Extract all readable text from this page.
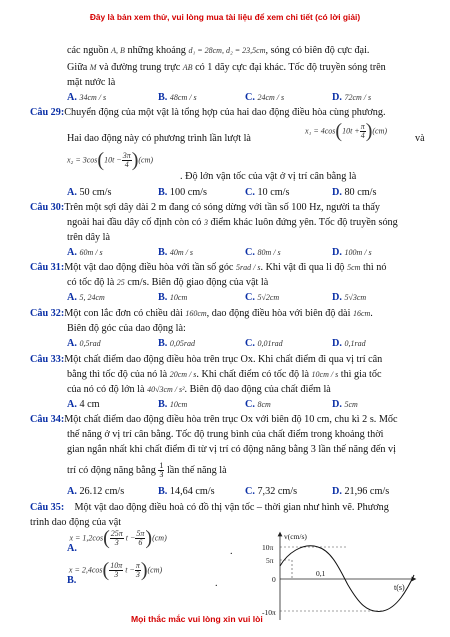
Đây là bản xem thử, vui lòng mua tài liệu để xem chi tiết (có lời giải)
các nguồn A, B những khoảng d₁ = 28cm, d₂ = 23,5cm, sóng có biên độ cực đại.
Giữa M và đường trung trực AB có 1 dãy cực đại khác. Tốc độ truyền sóng trên
mặt nước là
A. 34cm / s	B. 48cm / s	C. 24cm / s	D. 72cm / s
Câu 29:Chuyển động của một vật là tổng hợp của hai dao động điều hòa cùng phương.
Hai dao động này có phương trình lần lượt là
$x_1 = 4\cos(10t + \frac{\pi}{4} )(cm)$
và
$x_2 = 3\cos(10t - \frac{3\pi}{4} )(cm)$
. Độ lớn vận tốc của vật ở vị trí cân bằng là
A. 50 cm/s	B. 100 cm/s	C. 10 cm/s	D. 80 cm/s
Câu 30:Trên một sợi dây dài 2 m đang có sóng dừng với tần số 100 Hz, người ta thấy
ngoài hai đầu dây cố định còn có 3 điểm khác luôn đứng yên. Tốc độ truyền sóng
trên dây là
A. 60m / s	B. 40m / s	C. 80m / s	D. 100m / s
Câu 31:Một vật dao động điều hòa với tần số góc 5rad / s. Khi vật đi qua li độ 5cm thì nó
có tốc độ là 25 cm/s. Biên độ giao động của vật là
A. 5, 24cm	B. 10cm	C. 5√2cm	D. 5√3cm
Câu 32:Một con lắc đơn có chiều dài 160cm, dao động điều hòa với biên độ dài 16cm.
Biên độ góc của dao động là:
A. 0,5rad	B. 0,05rad	C. 0,01rad	D. 0,1rad
Câu 33:Một chất điểm dao động điều hòa trên trục Ox. Khi chất điểm đi qua vị trí cân
bằng thì tốc độ của nó là 20cm / s. Khi chất điểm có tốc độ là 10cm / s thì gia tốc
của nó có độ lớn là 40√3cm / s². Biên độ dao động của chất điểm là
A. 4 cm	B. 10cm	C. 8cm	D. 5cm
Câu 34:Một chất điểm dao động điều hòa trên trục Ox với biên độ 10 cm, chu kì 2 s. Mốc
thế năng ở vị trí cân bằng. Tốc độ trung bình của chất điểm trong khoảng thời
gian ngắn nhất khi chất điểm đi từ vị trí có động năng bằng 3 lần thế năng đến vị
trí có động năng bằng $\frac{1}{3}$ lần thế năng là
A. 26.12 cm/s	B. 14,64 cm/s	C. 7,32 cm/s	D. 21,96 cm/s
Câu 35: Một vật dao động điều hoà có đồ thị vận tốc – thời gian như hình vẽ. Phương
trình dao động của vật
A. $x = 1,2\cos( \frac{25\pi}{3}$ $t - \frac{5\pi}{6} )(cm)$
.
B. $x = 2,4\cos( \frac{10\pi}{3}$ $t - \frac{\pi}{3} )(cm)$
.
v(cm/s)
t(s)
10π
5π
0
-10π
0,1
Mọi thắc mắc vui lòng xin vui lòi
